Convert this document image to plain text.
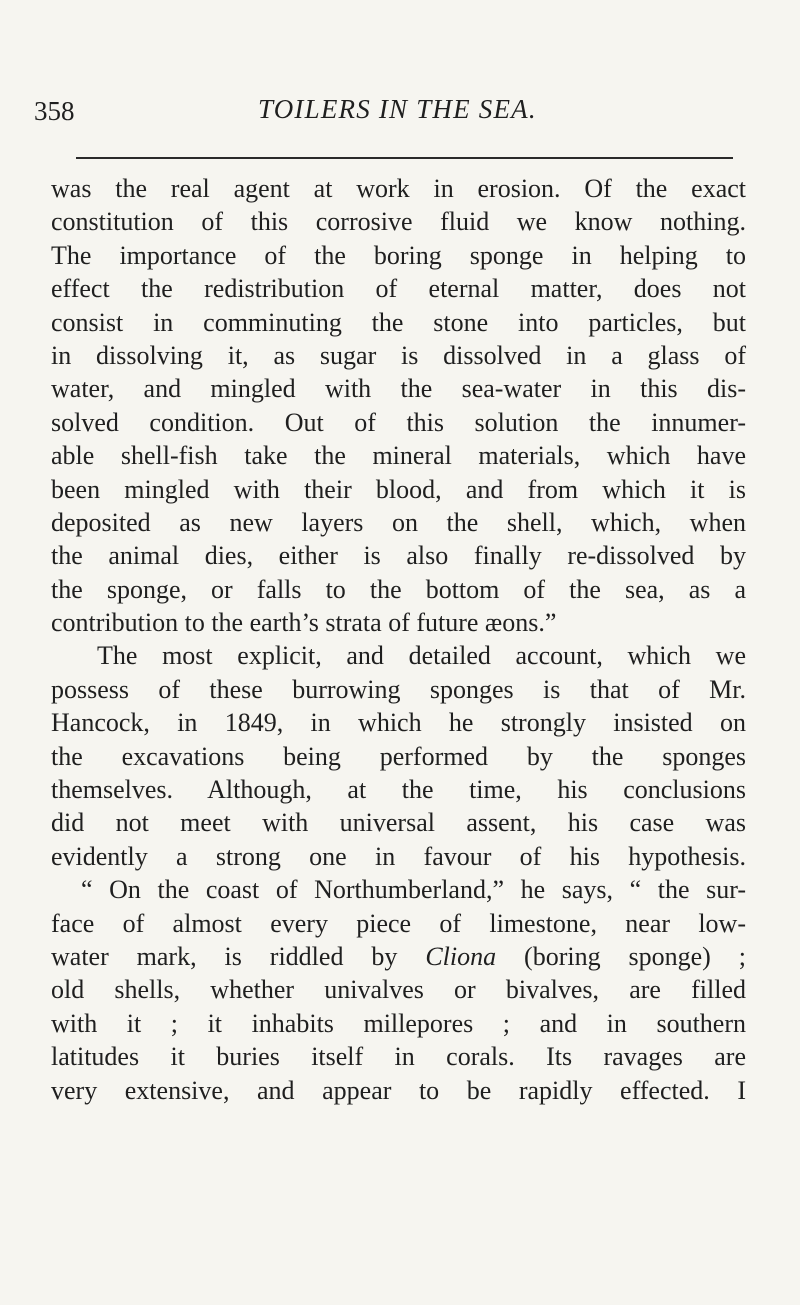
358	TOILERS IN THE SEA.
was the real agent at work in erosion. Of the exact
constitution of this corrosive fluid we know nothing.
The importance of the boring sponge in helping to
effect the redistribution of eternal matter, does not
consist in comminuting the stone into particles, but
in dissolving it, as sugar is dissolved in a glass of
water, and mingled with the sea-water in this dis-
solved condition. Out of this solution the innumer-
able shell-fish take the mineral materials, which have
been mingled with their blood, and from which it is
deposited as new layers on the shell, which, when
the animal dies, either is also finally re-dissolved by
the sponge, or falls to the bottom of the sea, as a
contribution to the earth’s strata of future æons.”
The most explicit, and detailed account, which we
possess of these burrowing sponges is that of Mr.
Hancock, in 1849, in which he strongly insisted on
the excavations being performed by the sponges
themselves. Although, at the time, his conclusions
did not meet with universal assent, his case was
evidently a strong one in favour of his hypothesis.
“ On the coast of Northumberland,” he says, “ the sur-
face of almost every piece of limestone, near low-
water mark, is riddled by Cliona (boring sponge) ;
old shells, whether univalves or bivalves, are filled
with it ; it inhabits millepores ; and in southern
latitudes it buries itself in corals. Its ravages are
very extensive, and appear to be rapidly effected. I
